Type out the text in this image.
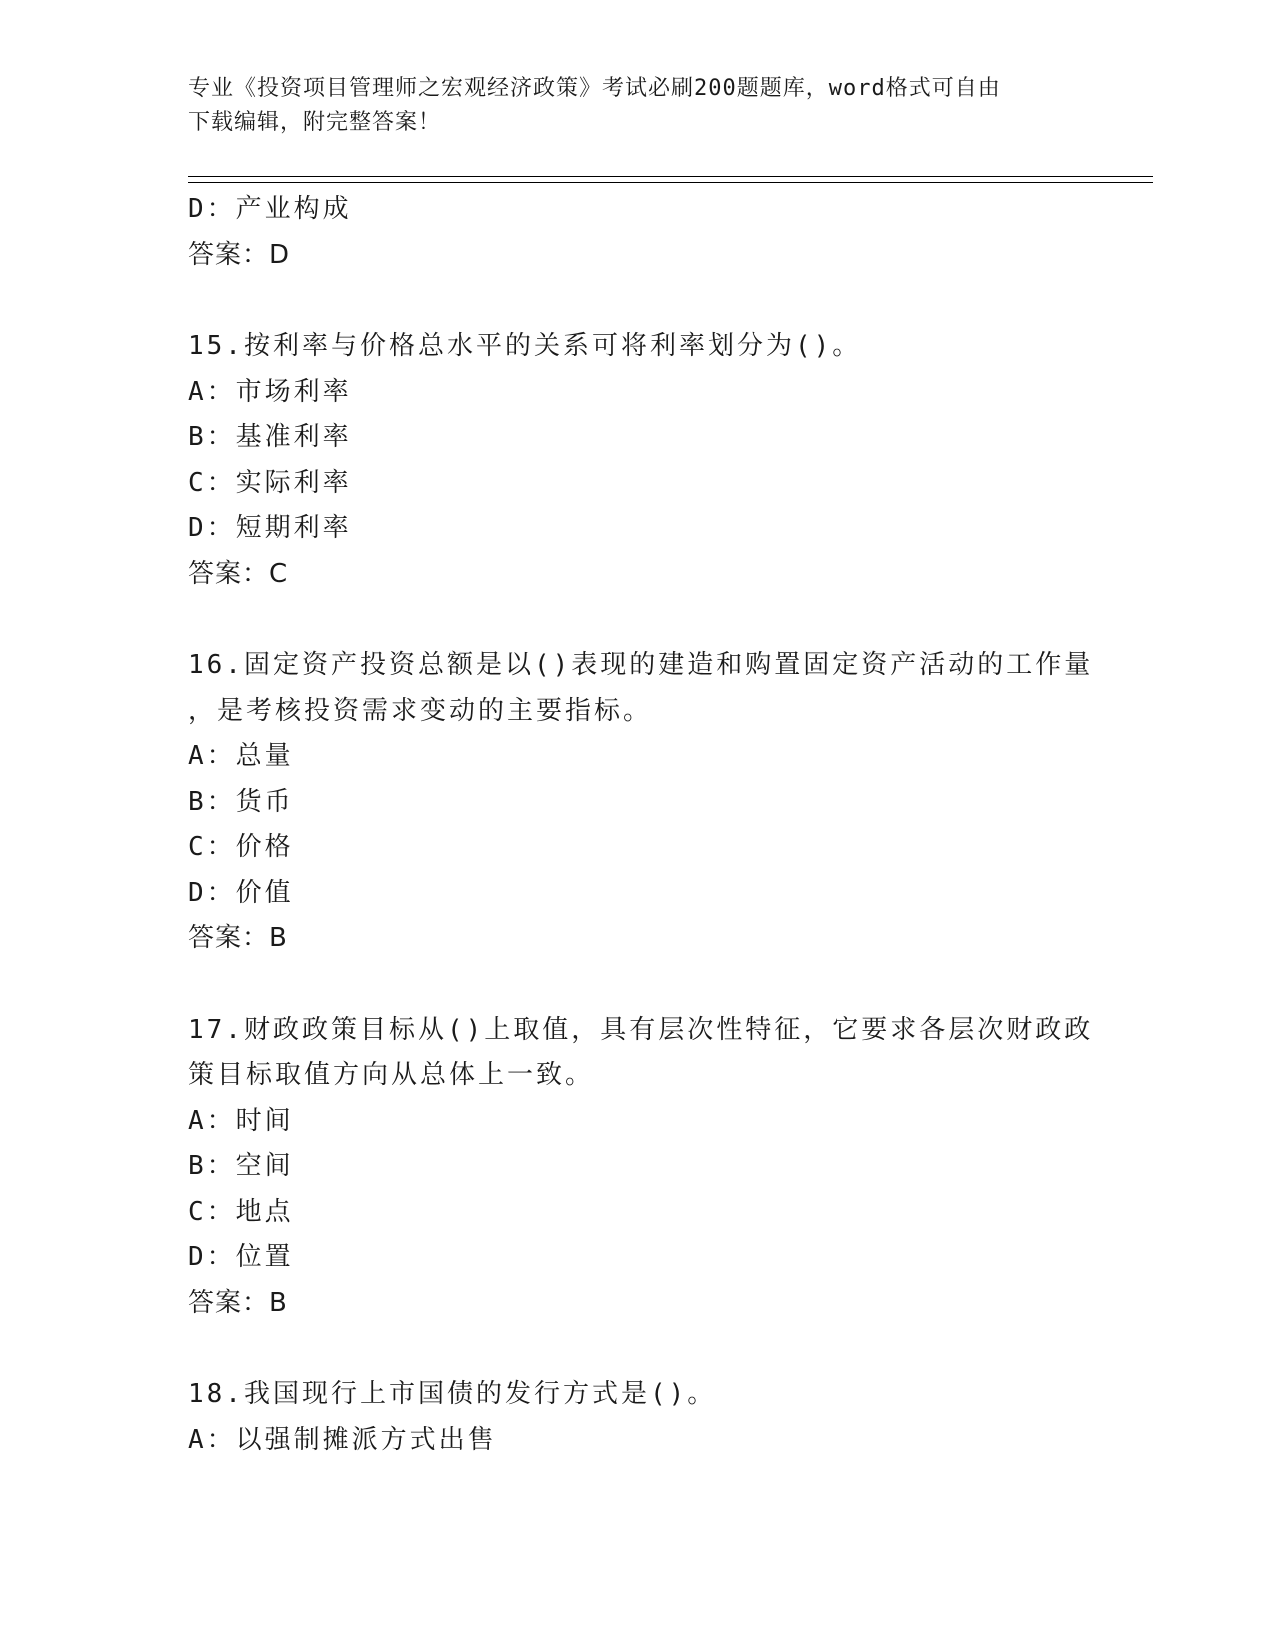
专业《投资项目管理师之宏观经济政策》考试必刷200题题库，word格式可自由
下载编辑，附完整答案！
D：产业构成
答案：D
15.按利率与价格总水平的关系可将利率划分为()。
A：市场利率
B：基准利率
C：实际利率
D：短期利率
答案：C
16.固定资产投资总额是以()表现的建造和购置固定资产活动的工作量
，是考核投资需求变动的主要指标。
A：总量
B：货币
C：价格
D：价值
答案：B
17.财政政策目标从()上取值，具有层次性特征，它要求各层次财政政
策目标取值方向从总体上一致。
A：时间
B：空间
C：地点
D：位置
答案：B
18.我国现行上市国债的发行方式是()。
A：以强制摊派方式出售
